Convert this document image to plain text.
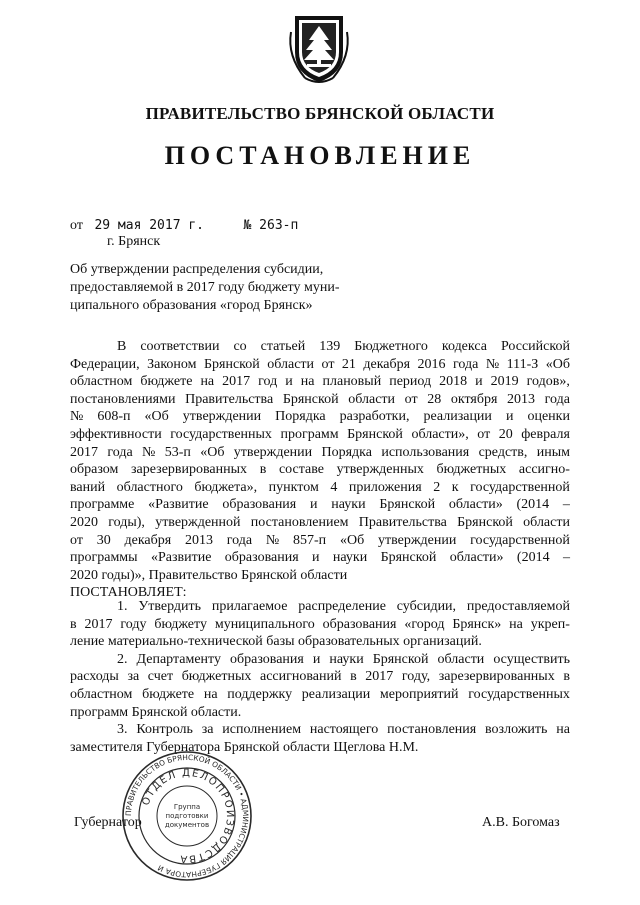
ПРАВИТЕЛЬСТВО БРЯНСКОЙ ОБЛАСТИ
ПОСТАНОВЛЕНИЕ
от 29 мая 2017 г.	№ 263-п
г. Брянск
Об утверждении распределения субсидии,
предоставляемой в 2017 году бюджету муни-
ципального образования «город Брянск»
В соответствии со статьей 139 Бюджетного кодекса Российской
Федерации, Законом Брянской области от 21 декабря 2016 года № 111-З «Об
областном бюджете на 2017 год и на плановый период 2018 и 2019 годов»,
постановлениями Правительства Брянской области от 28 октября 2013 года
№ 608-п «Об утверждении Порядка разработки, реализации и оценки
эффективности государственных программ Брянской области», от 20 февраля
2017 года № 53-п «Об утверждении Порядка использования средств, иным
образом зарезервированных в составе утвержденных бюджетных ассигно-
ваний областного бюджета», пунктом 4 приложения 2 к государственной
программе «Развитие образования и науки Брянской области» (2014 –
2020 годы), утвержденной постановлением Правительства Брянской области
от 30 декабря 2013 года № 857-п «Об утверждении государственной
программы «Развитие образования и науки Брянской области» (2014 –
2020 годы)», Правительство Брянской области
ПОСТАНОВЛЯЕТ:
1. Утвердить прилагаемое распределение субсидии, предоставляемой
в 2017 году бюджету муниципального образования «город Брянск» на укреп-
ление материально-технической базы образовательных организаций.
2. Департаменту образования и науки Брянской области осуществить
расходы за счет бюджетных ассигнований в 2017 году, зарезервированных в
областном бюджете на поддержку реализации мероприятий государственных
программ Брянской области.
3. Контроль за исполнением настоящего постановления возложить на
заместителя Губернатора Брянской области Щеглова Н.М.
Губернатор	А.В. Богомаз
ПРАВИТЕЛЬСТВО БРЯНСКОЙ ОБЛАСТИ • АДМИНИСТРАЦИЯ ГУБЕРНАТОРА И
ОТДЕЛ ДЕЛОПРОИЗВОДСТВА
Группа
подготовки
документов
